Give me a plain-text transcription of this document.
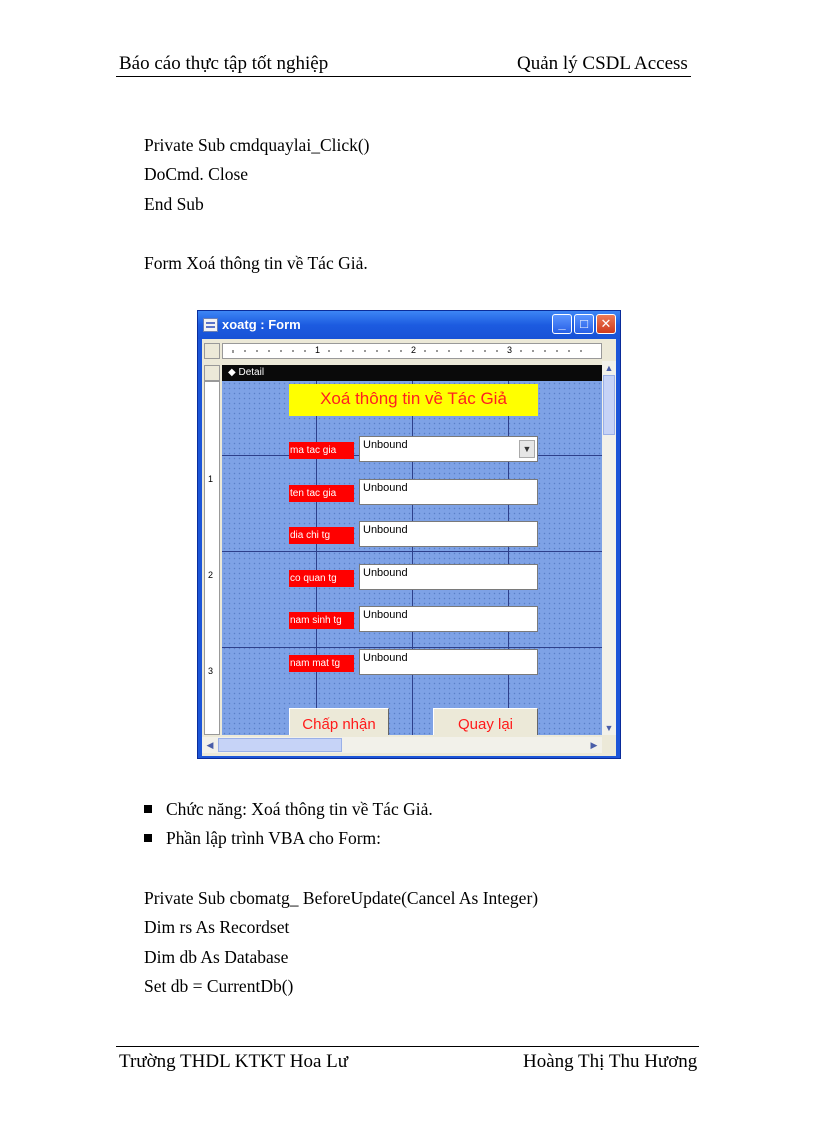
Báo cáo thực tập tốt nghiệp	Quản lý CSDL Access
Private Sub cmdquaylai_Click()
DoCmd. Close
End Sub
Form Xoá thông tin về Tác Giả.
xoatg : Form	_	□ ✕
1	2	3
◆ Detail
1
2
3
Xoá thông tin về Tác Giả
ma tac gia	Unbound	▼
ten tac gia	Unbound
dia chi tg	Unbound
co quan tg	Unbound
nam sinh tg	Unbound
nam mat tg	Unbound
Chấp nhận	Quay lại
▲
▼
◀	▶
Chức năng: Xoá thông tin về Tác Giả.
Phần lập trình VBA cho Form:
Private Sub cbomatg_ BeforeUpdate(Cancel As Integer)
Dim rs As Recordset
Dim db As Database
Set db = CurrentDb()
Trường THDL KTKT Hoa Lư	Hoàng Thị Thu Hương
